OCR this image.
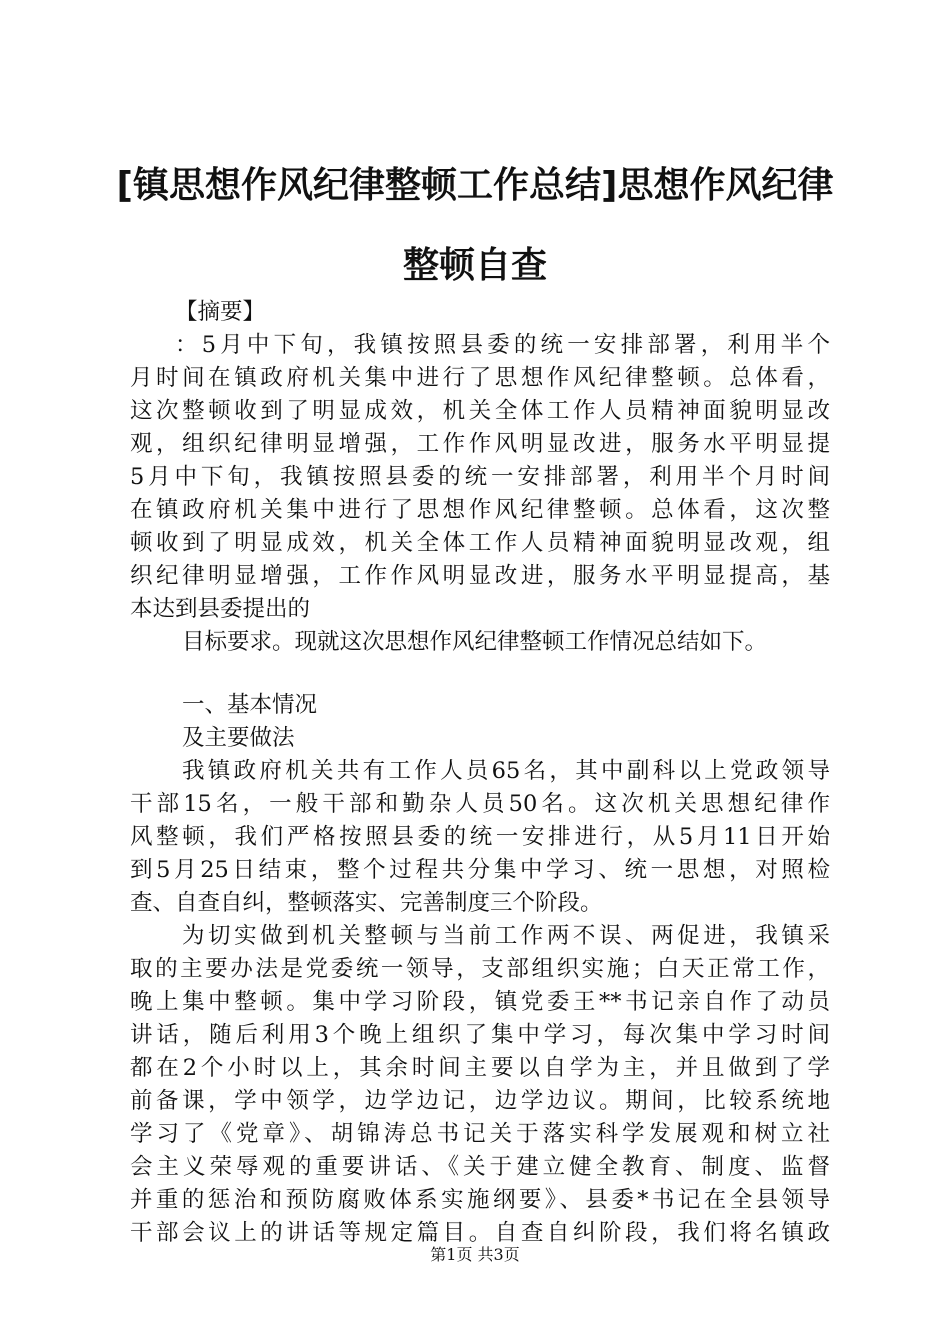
[镇思想作风纪律整顿工作总结]思想作风纪律
整顿自查
【摘要】
：5月中下旬，我镇按照县委的统一安排部署，利用半个
月时间在镇政府机关集中进行了思想作风纪律整顿。总体看，
这次整顿收到了明显成效，机关全体工作人员精神面貌明显改
观，组织纪律明显增强，工作作风明显改进，服务水平明显提
5月中下旬，我镇按照县委的统一安排部署，利用半个月时间
在镇政府机关集中进行了思想作风纪律整顿。总体看，这次整
顿收到了明显成效，机关全体工作人员精神面貌明显改观，组
织纪律明显增强，工作作风明显改进，服务水平明显提高，基
本达到县委提出的
目标要求。现就这次思想作风纪律整顿工作情况总结如下。
一、基本情况
及主要做法
我镇政府机关共有工作人员65名，其中副科以上党政领导
干部15名，一般干部和勤杂人员50名。这次机关思想纪律作
风整顿，我们严格按照县委的统一安排进行，从5月11日开始
到5月25日结束，整个过程共分集中学习、统一思想，对照检
查、自查自纠，整顿落实、完善制度三个阶段。
为切实做到机关整顿与当前工作两不误、两促进，我镇采
取的主要办法是党委统一领导，支部组织实施；白天正常工作，
晚上集中整顿。集中学习阶段，镇党委王**书记亲自作了动员
讲话，随后利用3个晚上组织了集中学习，每次集中学习时间
都在2个小时以上，其余时间主要以自学为主，并且做到了学
前备课，学中领学，边学边记，边学边议。期间，比较系统地
学习了《党章》、胡锦涛总书记关于落实科学发展观和树立社
会主义荣辱观的重要讲话、《关于建立健全教育、制度、监督
并重的惩治和预防腐败体系实施纲要》、县委*书记在全县领导
干部会议上的讲话等规定篇目。自查自纠阶段，我们将名镇政
第1页 共3页
